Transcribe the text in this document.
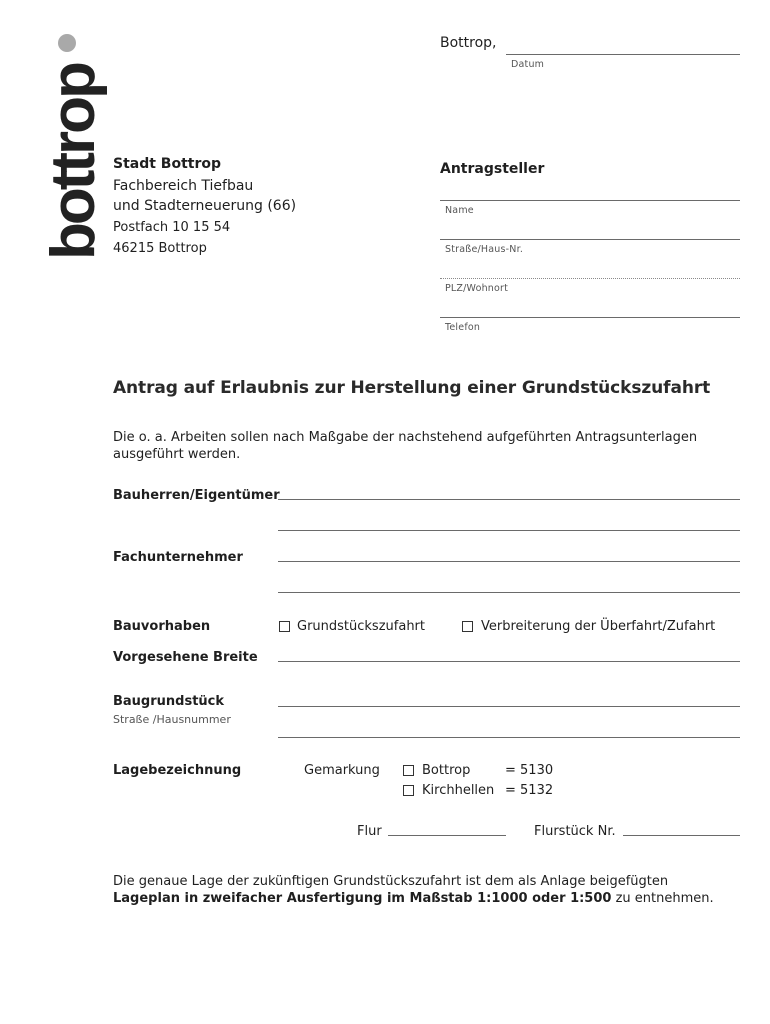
bottrop
Bottrop,
Datum
Stadt Bottrop
Fachbereich Tiefbau
und Stadterneuerung (66)
Postfach 10 15 54
46215 Bottrop
Antragsteller
Name
Straße/Haus-Nr.
PLZ/Wohnort
Telefon
Antrag auf Erlaubnis zur Herstellung einer Grundstückszufahrt
Die o. a. Arbeiten sollen nach Maßgabe der nachstehend aufgeführten Antragsunterlagen
ausgeführt werden.
Bauherren/Eigentümer
Fachunternehmer
Bauvorhaben	Grundstückszufahrt	Verbreiterung der Überfahrt/Zufahrt
Vorgesehene Breite
Baugrundstück
Straße /Hausnummer
Lagebezeichnung	Gemarkung	Bottrop	= 5130
Kirchhellen = 5132
Flur	Flurstück Nr.
Die genaue Lage der zukünftigen Grundstückszufahrt ist dem als Anlage beigefügten
Lageplan in zweifacher Ausfertigung im Maßstab 1:1000 oder 1:500 zu entnehmen.
